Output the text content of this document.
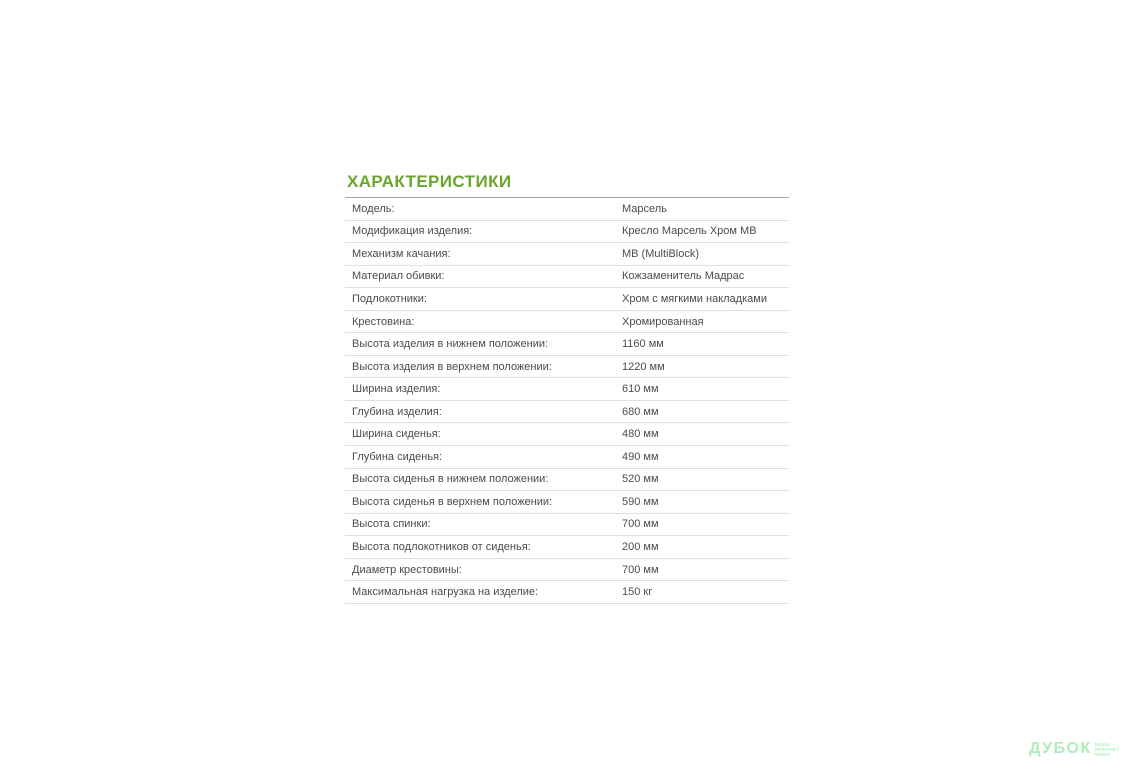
ХАРАКТЕРИСТИКИ
Модель:	Марсель
Модификация изделия:	Кресло Марсель Хром МВ
Механизм качания:	МВ (MultiBlock)
Материал обивки:	Кожзаменитель Мадрас
Подлокотники:	Хром с мягкими накладками
Крестовина:	Хромированная
Высота изделия в нижнем положении:	1160 мм
Высота изделия в верхнем положении:	1220 мм
Ширина изделия:	610 мм
Глубина изделия:	680 мм
Ширина сиденья:	480 мм
Глубина сиденья:	490 мм
Высота сиденья в нижнем положении:	520 мм
Высота сиденья в верхнем положении:	590 мм
Высота спинки:	700 мм
Высота подлокотников от сиденья:	200 мм
Диаметр крестовины:	700 мм
Максимальная нагрузка на изделие:	150 кг
ДУБОК ВАША
ІНТЕРНЕТ
МЕБЛІ
